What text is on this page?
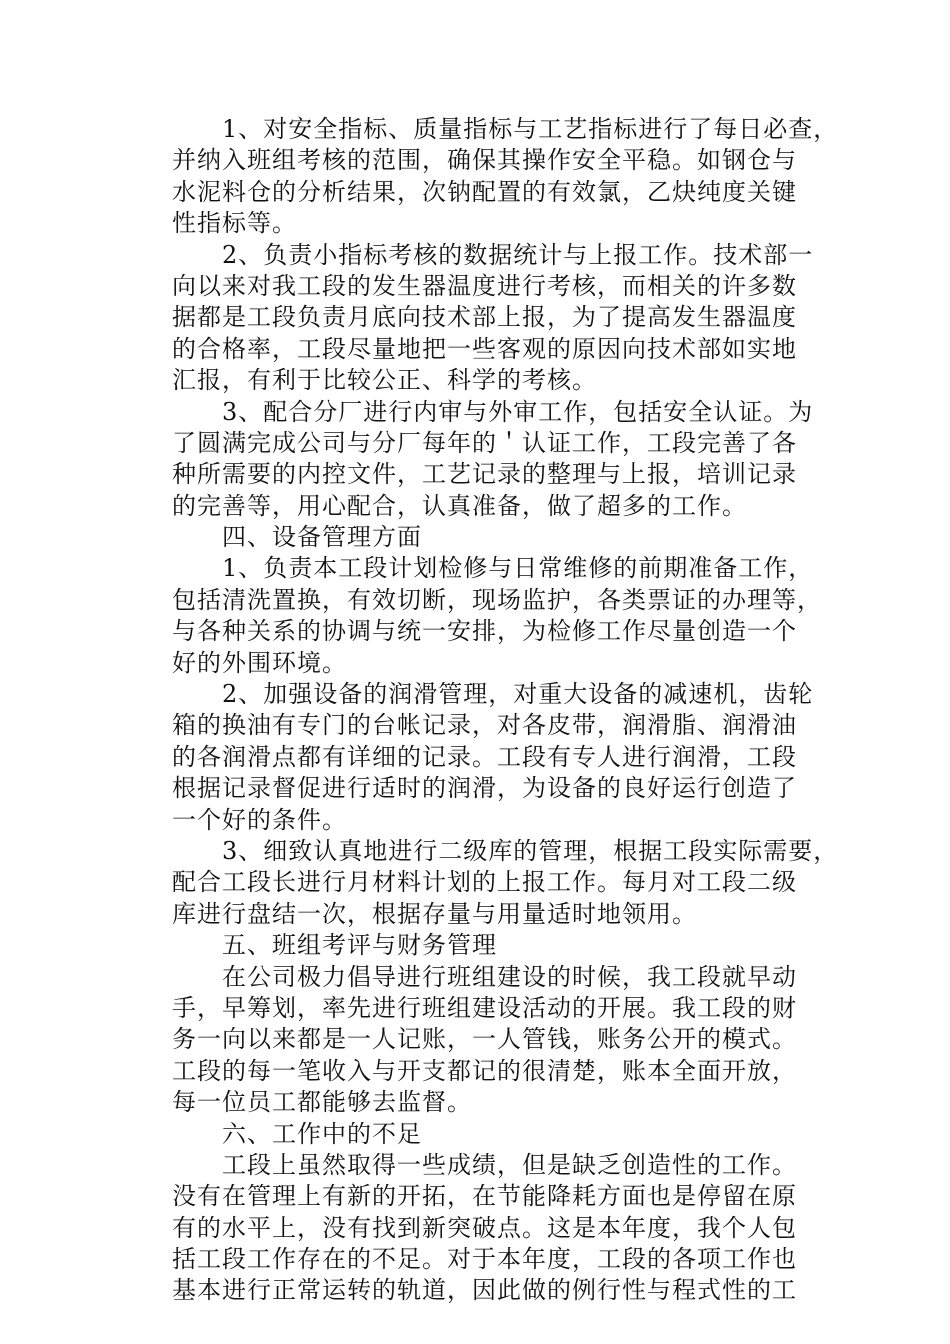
1、对安全指标、质量指标与工艺指标进行了每日必查，
并纳入班组考核的范围，确保其操作安全平稳。如钢仓与
水泥料仓的分析结果，次钠配置的有效氯，乙炔纯度关键
性指标等。
2、负责小指标考核的数据统计与上报工作。技术部一
向以来对我工段的发生器温度进行考核，而相关的许多数
据都是工段负责月底向技术部上报，为了提高发生器温度
的合格率，工段尽量地把一些客观的原因向技术部如实地
汇报，有利于比较公正、科学的考核。
3、配合分厂进行内审与外审工作，包括安全认证。为
了圆满完成公司与分厂每年的＇认证工作，工段完善了各
种所需要的内控文件，工艺记录的整理与上报，培训记录
的完善等，用心配合，认真准备，做了超多的工作。
四、设备管理方面
1、负责本工段计划检修与日常维修的前期准备工作，
包括清洗置换，有效切断，现场监护，各类票证的办理等，
与各种关系的协调与统一安排，为检修工作尽量创造一个
好的外围环境。
2、加强设备的润滑管理，对重大设备的减速机，齿轮
箱的换油有专门的台帐记录，对各皮带，润滑脂、润滑油
的各润滑点都有详细的记录。工段有专人进行润滑，工段
根据记录督促进行适时的润滑，为设备的良好运行创造了
一个好的条件。
3、细致认真地进行二级库的管理，根据工段实际需要，
配合工段长进行月材料计划的上报工作。每月对工段二级
库进行盘结一次，根据存量与用量适时地领用。
五、班组考评与财务管理
在公司极力倡导进行班组建设的时候，我工段就早动
手，早筹划，率先进行班组建设活动的开展。我工段的财
务一向以来都是一人记账，一人管钱，账务公开的模式。
工段的每一笔收入与开支都记的很清楚，账本全面开放，
每一位员工都能够去监督。
六、工作中的不足
工段上虽然取得一些成绩，但是缺乏创造性的工作。
没有在管理上有新的开拓，在节能降耗方面也是停留在原
有的水平上，没有找到新突破点。这是本年度，我个人包
括工段工作存在的不足。对于本年度，工段的各项工作也
基本进行正常运转的轨道，因此做的例行性与程式性的工
